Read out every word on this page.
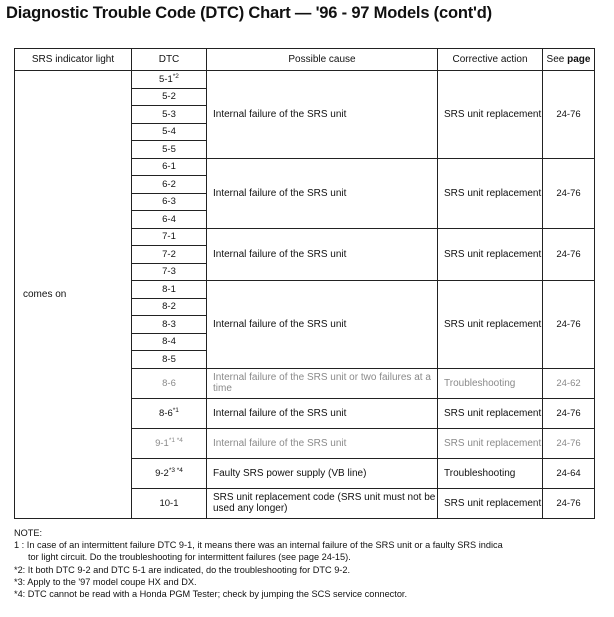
Diagnostic Trouble Code (DTC) Chart — '96 - 97 Models (cont'd)
SRS indicator light	DTC	Possible cause	Corrective action	See page
comes on	5-1$^{*2}$	Internal failure of the SRS unit	SRS unit replacement	24-76
	5-2			
	5-3			
	5-4			
	5-5			
	6-1	Internal failure of the SRS unit	SRS unit replacement	24-76
	6-2			
	6-3			
	6-4			
	7-1	Internal failure of the SRS unit	SRS unit replacement	24-76
	7-2			
	7-3			
	8-1	Internal failure of the SRS unit	SRS unit replacement	24-76
	8-2			
	8-3			
	8-4			
	8-5			
	8-6	Internal failure of the SRS unit or two failures at a time	Troubleshooting	24-62
	8-6$^{*1}$	Internal failure of the SRS unit	SRS unit replacement	24-76
	$9-1^{*1 *4}$	Internal failure of the SRS unit	SRS unit replacement	24-76
	$9-2^{*3 *4}$	Faulty SRS power supply (VB line)	Troubleshooting	24-64
	10-1	SRS unit replacement code (SRS unit must not be used any longer)	SRS unit replacement	24-76
NOTE:
1 : In case of an intermittent failure DTC 9-1, it means there was an internal failure of the SRS unit or a faulty SRS indica
tor light circuit. Do the troubleshooting for intermittent failures (see page 24-15).
*2: It both DTC 9-2 and DTC 5-1 are indicated, do the troubleshooting for DTC 9-2.
*3: Apply to the '97 model coupe HX and DX.
*4: DTC cannot be read with a Honda PGM Tester; check by jumping the SCS service connector.
